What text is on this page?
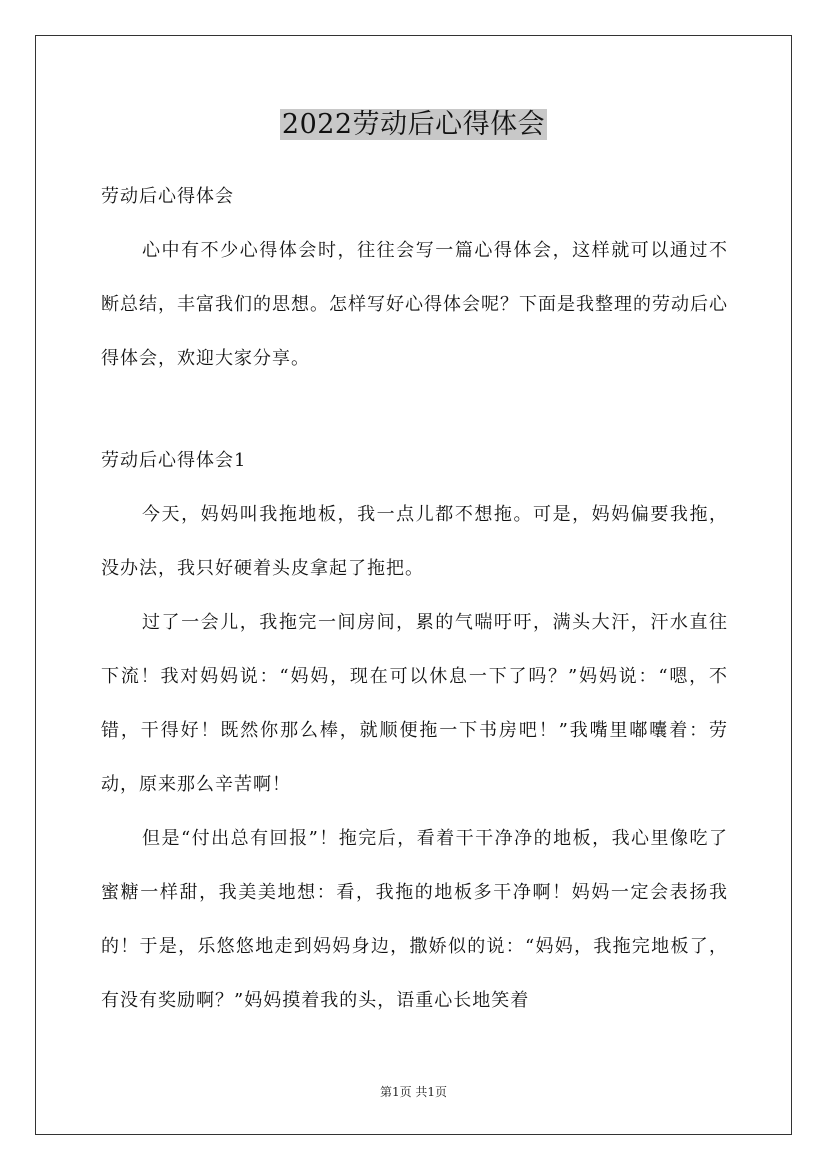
2022劳动后心得体会

劳动后心得体会

心中有不少心得体会时，往往会写一篇心得体会，这样就可以通过不断总结，丰富我们的思想。怎样写好心得体会呢？下面是我整理的劳动后心得体会，欢迎大家分享。

劳动后心得体会1

今天，妈妈叫我拖地板，我一点儿都不想拖。可是，妈妈偏要我拖，没办法，我只好硬着头皮拿起了拖把。

过了一会儿，我拖完一间房间，累的气喘吁吁，满头大汗，汗水直往下流！我对妈妈说：“妈妈，现在可以休息一下了吗？”妈妈说：“嗯，不错，干得好！既然你那么棒，就顺便拖一下书房吧！”我嘴里嘟囔着：劳动，原来那么辛苦啊！

但是“付出总有回报”！拖完后，看着干干净净的地板，我心里像吃了蜜糖一样甜，我美美地想：看，我拖的地板多干净啊！妈妈一定会表扬我的！于是，乐悠悠地走到妈妈身边，撒娇似的说：“妈妈，我拖完地板了，有没有奖励啊？”妈妈摸着我的头，语重心长地笑着

第1页 共1页
